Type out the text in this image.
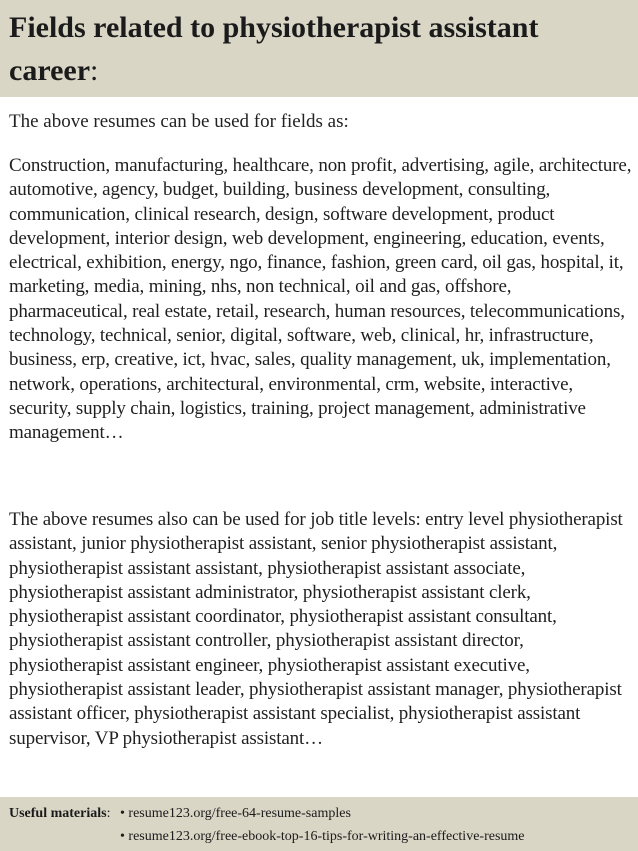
Fields related to physiotherapist assistant career:

The above resumes can be used for fields as:

Construction, manufacturing, healthcare, non profit, advertising, agile, architecture, automotive, agency, budget, building, business development, consulting, communication, clinical research, design, software development, product development, interior design, web development, engineering, education, events, electrical, exhibition, energy, ngo, finance, fashion, green card, oil gas, hospital, it, marketing, media, mining, nhs, non technical, oil and gas, offshore, pharmaceutical, real estate, retail, research, human resources, telecommunications, technology, technical, senior, digital, software, web, clinical, hr, infrastructure, business, erp, creative, ict, hvac, sales, quality management, uk, implementation, network, operations, architectural, environmental, crm, website, interactive, security, supply chain, logistics, training, project management, administrative management…

The above resumes also can be used for job title levels: entry level physiotherapist assistant, junior physiotherapist assistant, senior physiotherapist assistant, physiotherapist assistant assistant, physiotherapist assistant associate, physiotherapist assistant administrator, physiotherapist assistant clerk, physiotherapist assistant coordinator, physiotherapist assistant consultant, physiotherapist assistant controller, physiotherapist assistant director, physiotherapist assistant engineer, physiotherapist assistant executive, physiotherapist assistant leader, physiotherapist assistant manager, physiotherapist assistant officer, physiotherapist assistant specialist, physiotherapist assistant supervisor, VP physiotherapist assistant…

Useful materials: • resume123.org/free-64-resume-samples
• resume123.org/free-ebook-top-16-tips-for-writing-an-effective-resume
